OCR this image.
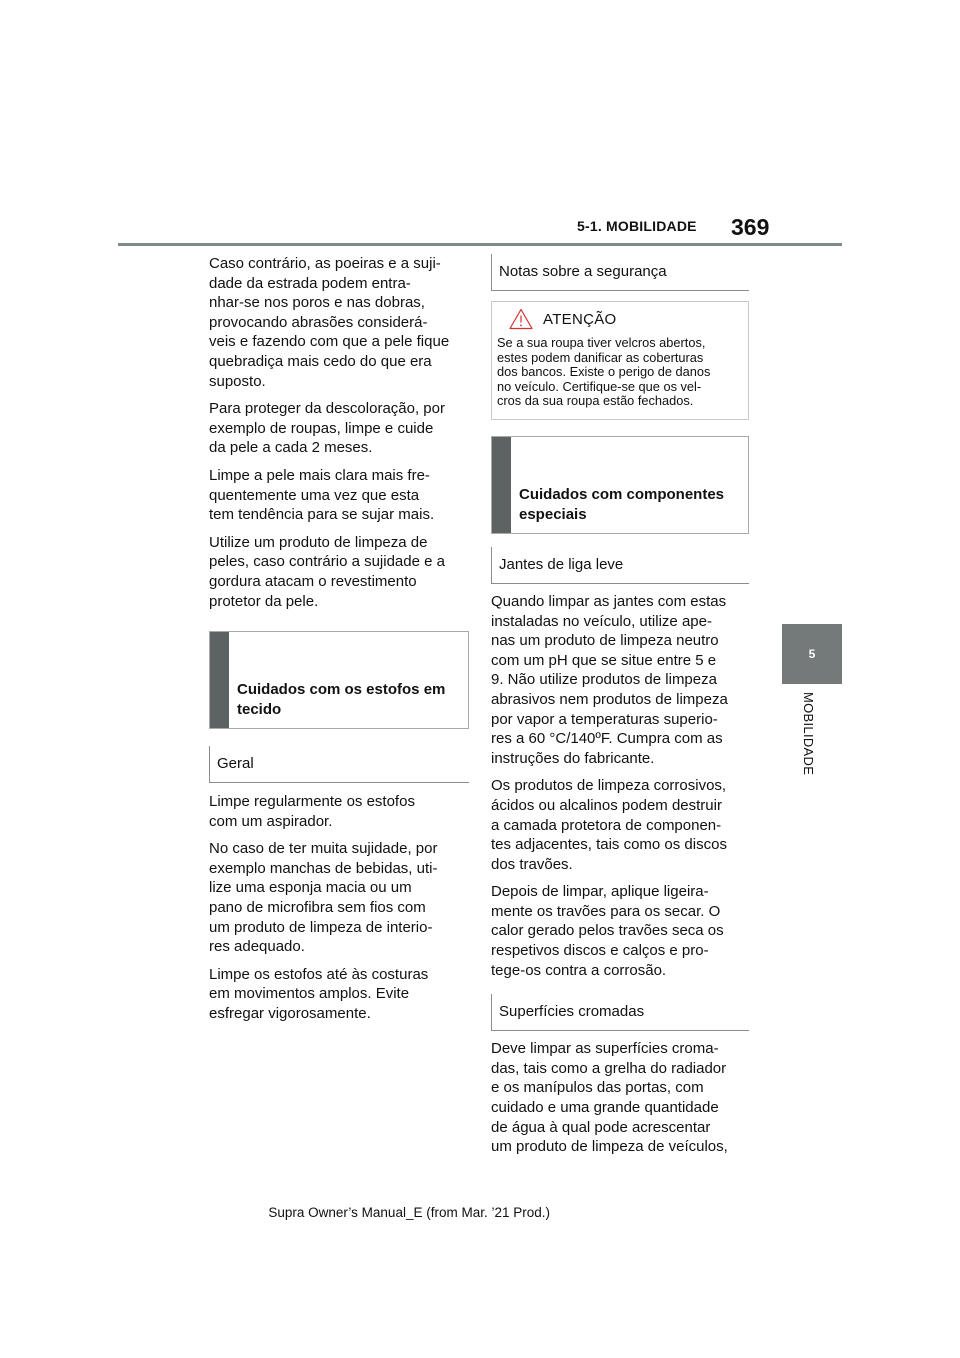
5-1. MOBILIDADE 369
5
MOBILIDADE

Caso contrário, as poeiras e a suji-
dade da estrada podem entra-
nhar-se nos poros e nas dobras,
provocando abrasões considerá-
veis e fazendo com que a pele fique
quebradiça mais cedo do que era
suposto.

Para proteger da descoloração, por
exemplo de roupas, limpe e cuide
da pele a cada 2 meses.

Limpe a pele mais clara mais fre-
quentemente uma vez que esta
tem tendência para se sujar mais.

Utilize um produto de limpeza de
peles, caso contrário a sujidade e a
gordura atacam o revestimento
protetor da pele.

Cuidados com os estofos em
tecido

Geral

Limpe regularmente os estofos
com um aspirador.

No caso de ter muita sujidade, por
exemplo manchas de bebidas, uti-
lize uma esponja macia ou um
pano de microfibra sem fios com
um produto de limpeza de interio-
res adequado.

Limpe os estofos até às costuras
em movimentos amplos. Evite
esfregar vigorosamente.

Notas sobre a segurança
ATENÇÃO

Se a sua roupa tiver velcros abertos,
estes podem danificar as coberturas
dos bancos. Existe o perigo de danos
no veículo. Certifique-se que os vel-
cros da sua roupa estão fechados.

Cuidados com componentes
especiais

Jantes de liga leve

Quando limpar as jantes com estas
instaladas no veículo, utilize ape-
nas um produto de limpeza neutro
com um pH que se situe entre 5 e
9. Não utilize produtos de limpeza
abrasivos nem produtos de limpeza
por vapor a temperaturas superio-
res a 60 °C/140ºF. Cumpra com as
instruções do fabricante.

Os produtos de limpeza corrosivos,
ácidos ou alcalinos podem destruir
a camada protetora de componen-
tes adjacentes, tais como os discos
dos travões.

Depois de limpar, aplique ligeira-
mente os travões para os secar. O
calor gerado pelos travões seca os
respetivos discos e calços e pro-
tege-os contra a corrosão.

Superfícies cromadas

Deve limpar as superfícies croma-
das, tais como a grelha do radiador
e os manípulos das portas, com
cuidado e uma grande quantidade
de água à qual pode acrescentar
um produto de limpeza de veículos,

Supra Owner’s Manual_E (from Mar. ’21 Prod.)
